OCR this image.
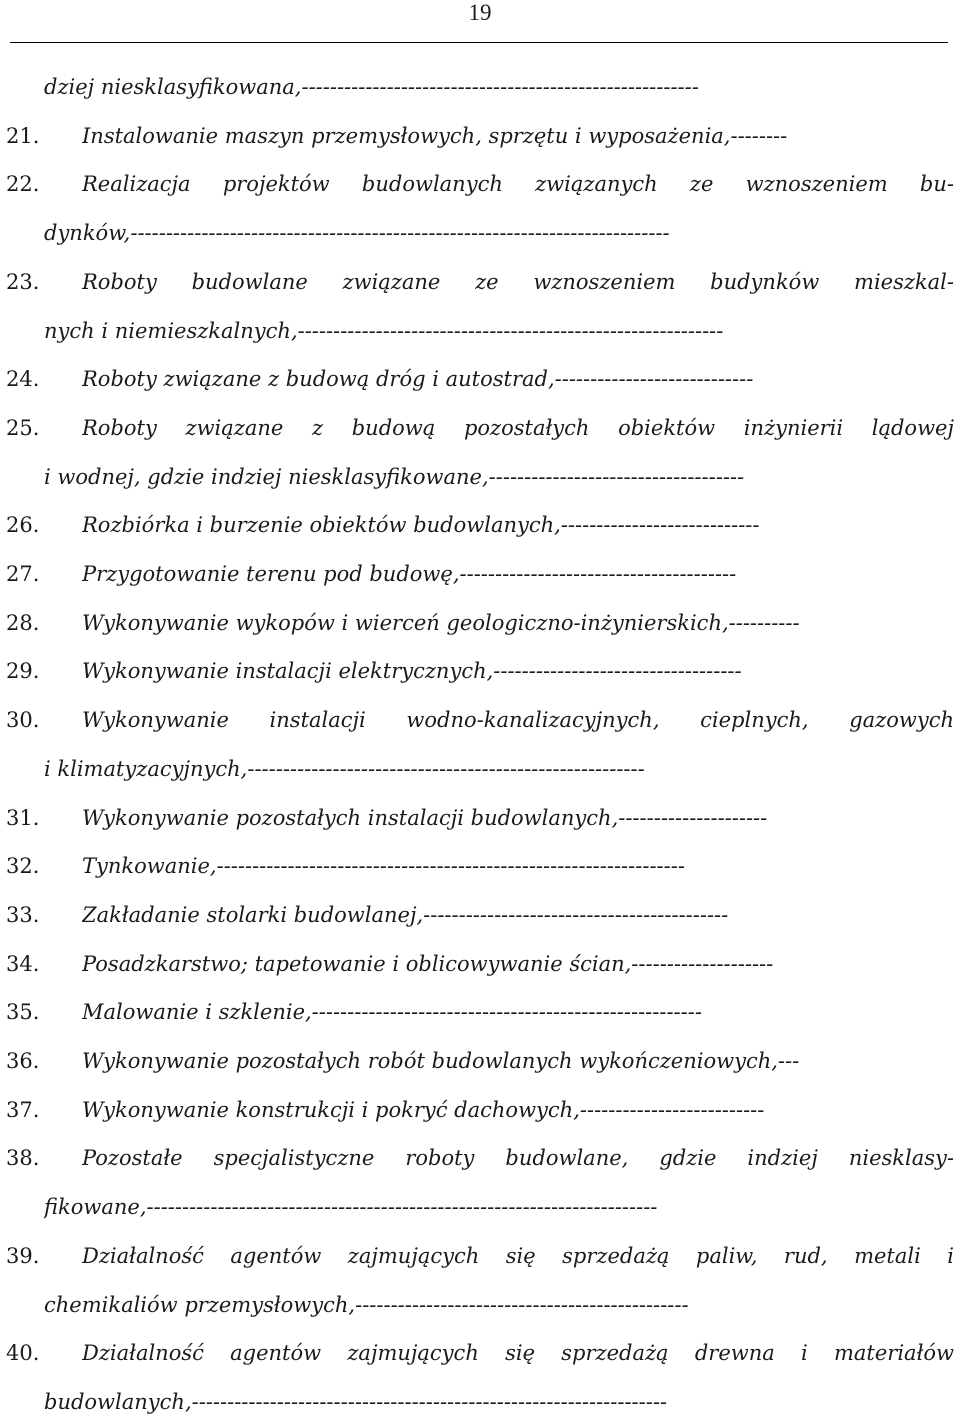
19
dziej niesklasyfikowana,--------------------------------------------------------
21. Instalowanie maszyn przemysłowych, sprzętu i wyposażenia,--------
22. Realizacja projektów budowlanych związanych ze wznoszeniem bu-
dynków,----------------------------------------------------------------------------
23. Roboty budowlane związane ze wznoszeniem budynków mieszkal-
nych i niemieszkalnych,------------------------------------------------------------
24. Roboty związane z budową dróg i autostrad,----------------------------
25. Roboty związane z budową pozostałych obiektów inżynierii lądowej
i wodnej, gdzie indziej niesklasyfikowane,------------------------------------
26. Rozbiórka i burzenie obiektów budowlanych,----------------------------
27. Przygotowanie terenu pod budowę,---------------------------------------
28. Wykonywanie wykopów i wierceń geologiczno-inżynierskich,----------
29. Wykonywanie instalacji elektrycznych,-----------------------------------
30. Wykonywanie instalacji wodno-kanalizacyjnych, cieplnych, gazowych
i klimatyzacyjnych,--------------------------------------------------------
31. Wykonywanie pozostałych instalacji budowlanych,---------------------
32. Tynkowanie,------------------------------------------------------------------
33. Zakładanie stolarki budowlanej,-------------------------------------------
34. Posadzkarstwo; tapetowanie i oblicowywanie ścian,--------------------
35. Malowanie i szklenie,-------------------------------------------------------
36. Wykonywanie pozostałych robót budowlanych wykończeniowych,---
37. Wykonywanie konstrukcji i pokryć dachowych,--------------------------
38. Pozostałe specjalistyczne roboty budowlane, gdzie indziej niesklasy-
fikowane,------------------------------------------------------------------------
39. Działalność agentów zajmujących się sprzedażą paliw, rud, metali i
chemikaliów przemysłowych,-----------------------------------------------
40. Działalność agentów zajmujących się sprzedażą drewna i materiałów
budowlanych,-------------------------------------------------------------------
